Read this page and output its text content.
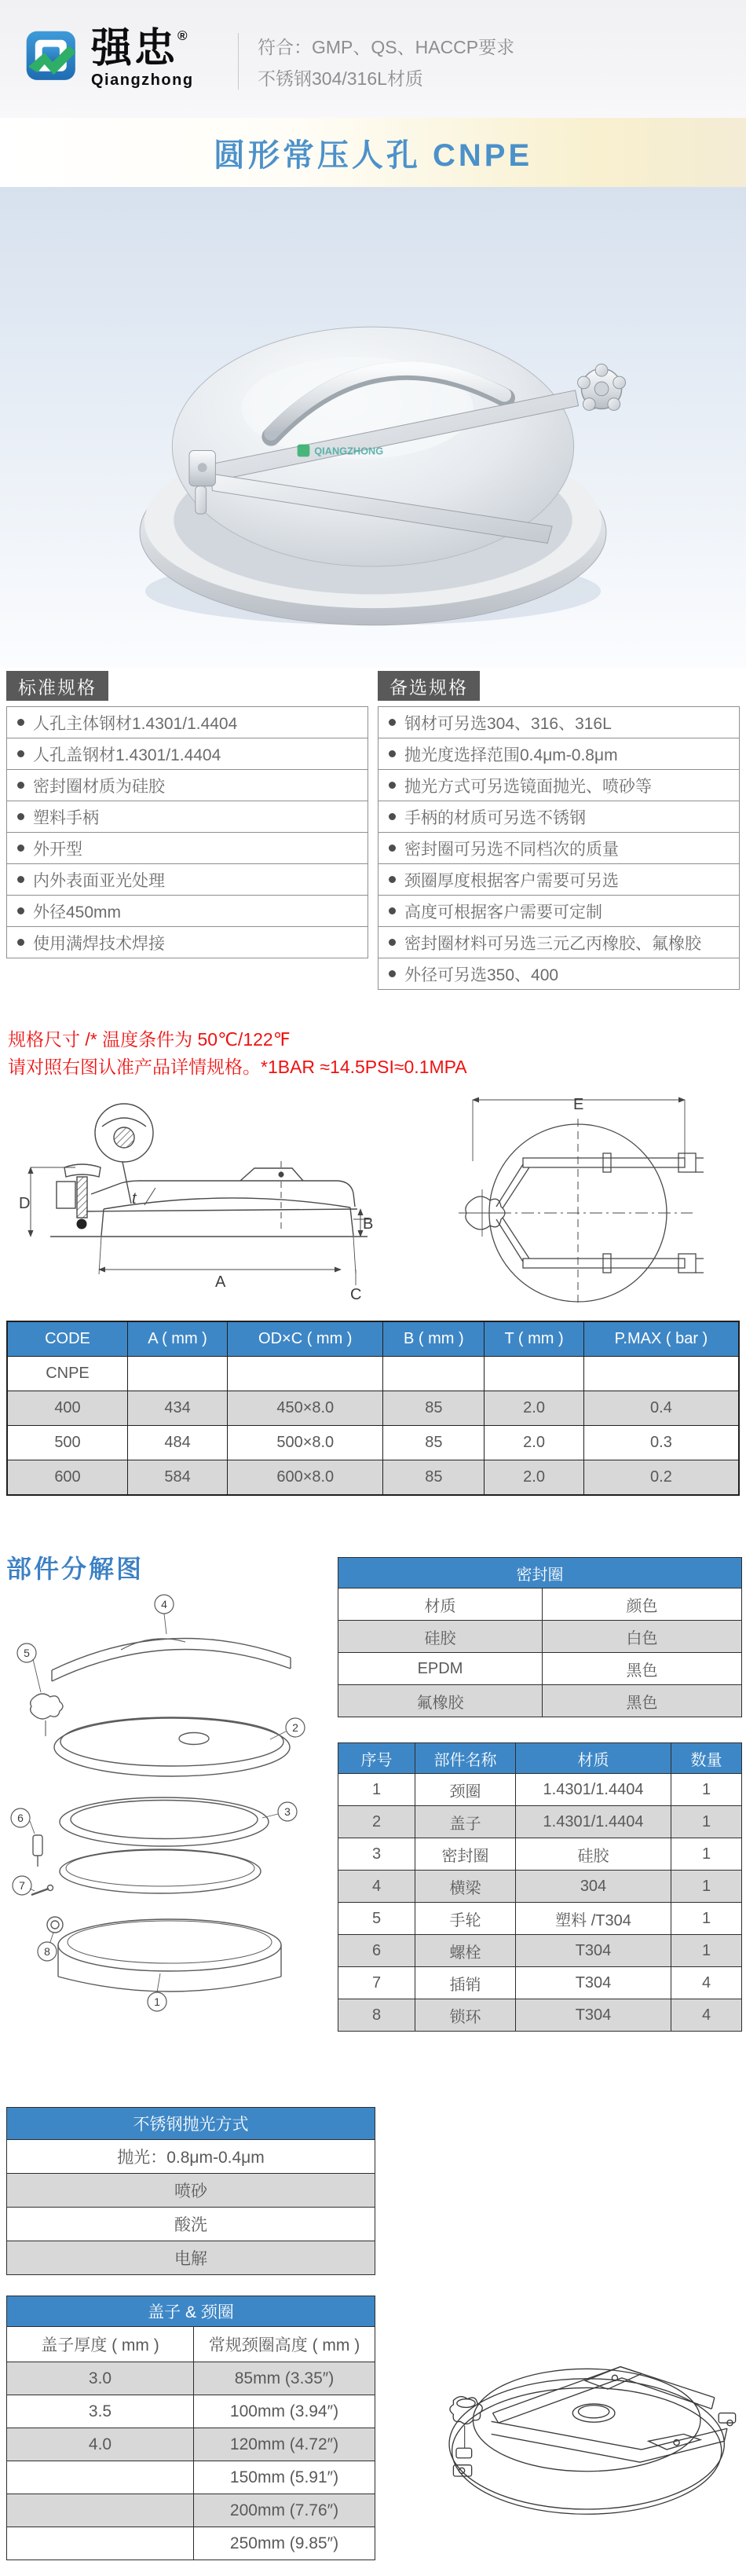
强忠®
Qiangzhong
符合：GMP、QS、HACCP要求
不锈钢304/316L材质
圆形常压人孔 CNPE
QIANGZHONG
标准规格
人孔主体钢材1.4301/1.4404
人孔盖钢材1.4301/1.4404
密封圈材质为硅胶
塑料手柄
外开型
内外表面亚光处理
外径450mm
使用满焊技术焊接
备选规格
钢材可另选304、316、316L
抛光度选择范围0.4μm-0.8μm
抛光方式可另选镜面抛光、喷砂等
手柄的材质可另选不锈钢
密封圈可另选不同档次的质量
颈圈厚度根据客户需要可另选
高度可根据客户需要可定制
密封圈材料可另选三元乙丙橡胶、氟橡胶
外径可另选350、400
规格尺寸 /* 温度条件为 50℃/122℉
请对照右图认准产品详情规格。*1BAR ≈14.5PSI≈0.1MPA
D	t
A
B
C
E
CODE	A ( mm )	OD×C ( mm )	B ( mm )	T ( mm )	P.MAX ( bar )
CNPE					
400	434	450×8.0	85	2.0	0.4
500	484	500×8.0	85	2.0	0.3
600	584	600×8.0	85	2.0	0.2
部件分解图
4
5
2
3
6
7
8
1
密封圈	
材质	颜色
硅胶	白色
EPDM	黑色
氟橡胶	黑色
序号	部件名称	材质	数量
1	颈圈	1.4301/1.4404	1
2	盖子	1.4301/1.4404	1
3	密封圈	硅胶	1
4	横梁	304	1
5	手轮	塑料 /T304	1
6	螺栓	T304	1
7	插销	T304	4
8	锁环	T304	4
不锈钢抛光方式
抛光：0.8μm-0.4μm
喷砂
酸洗
电解
盖子 & 颈圈	
盖子厚度 ( mm )	常规颈圈高度 ( mm )
3.0	85mm (3.35″)
3.5	100mm (3.94″)
4.0	120mm (4.72″)
	150mm (5.91″)
	200mm (7.76″)
	250mm (9.85″)
